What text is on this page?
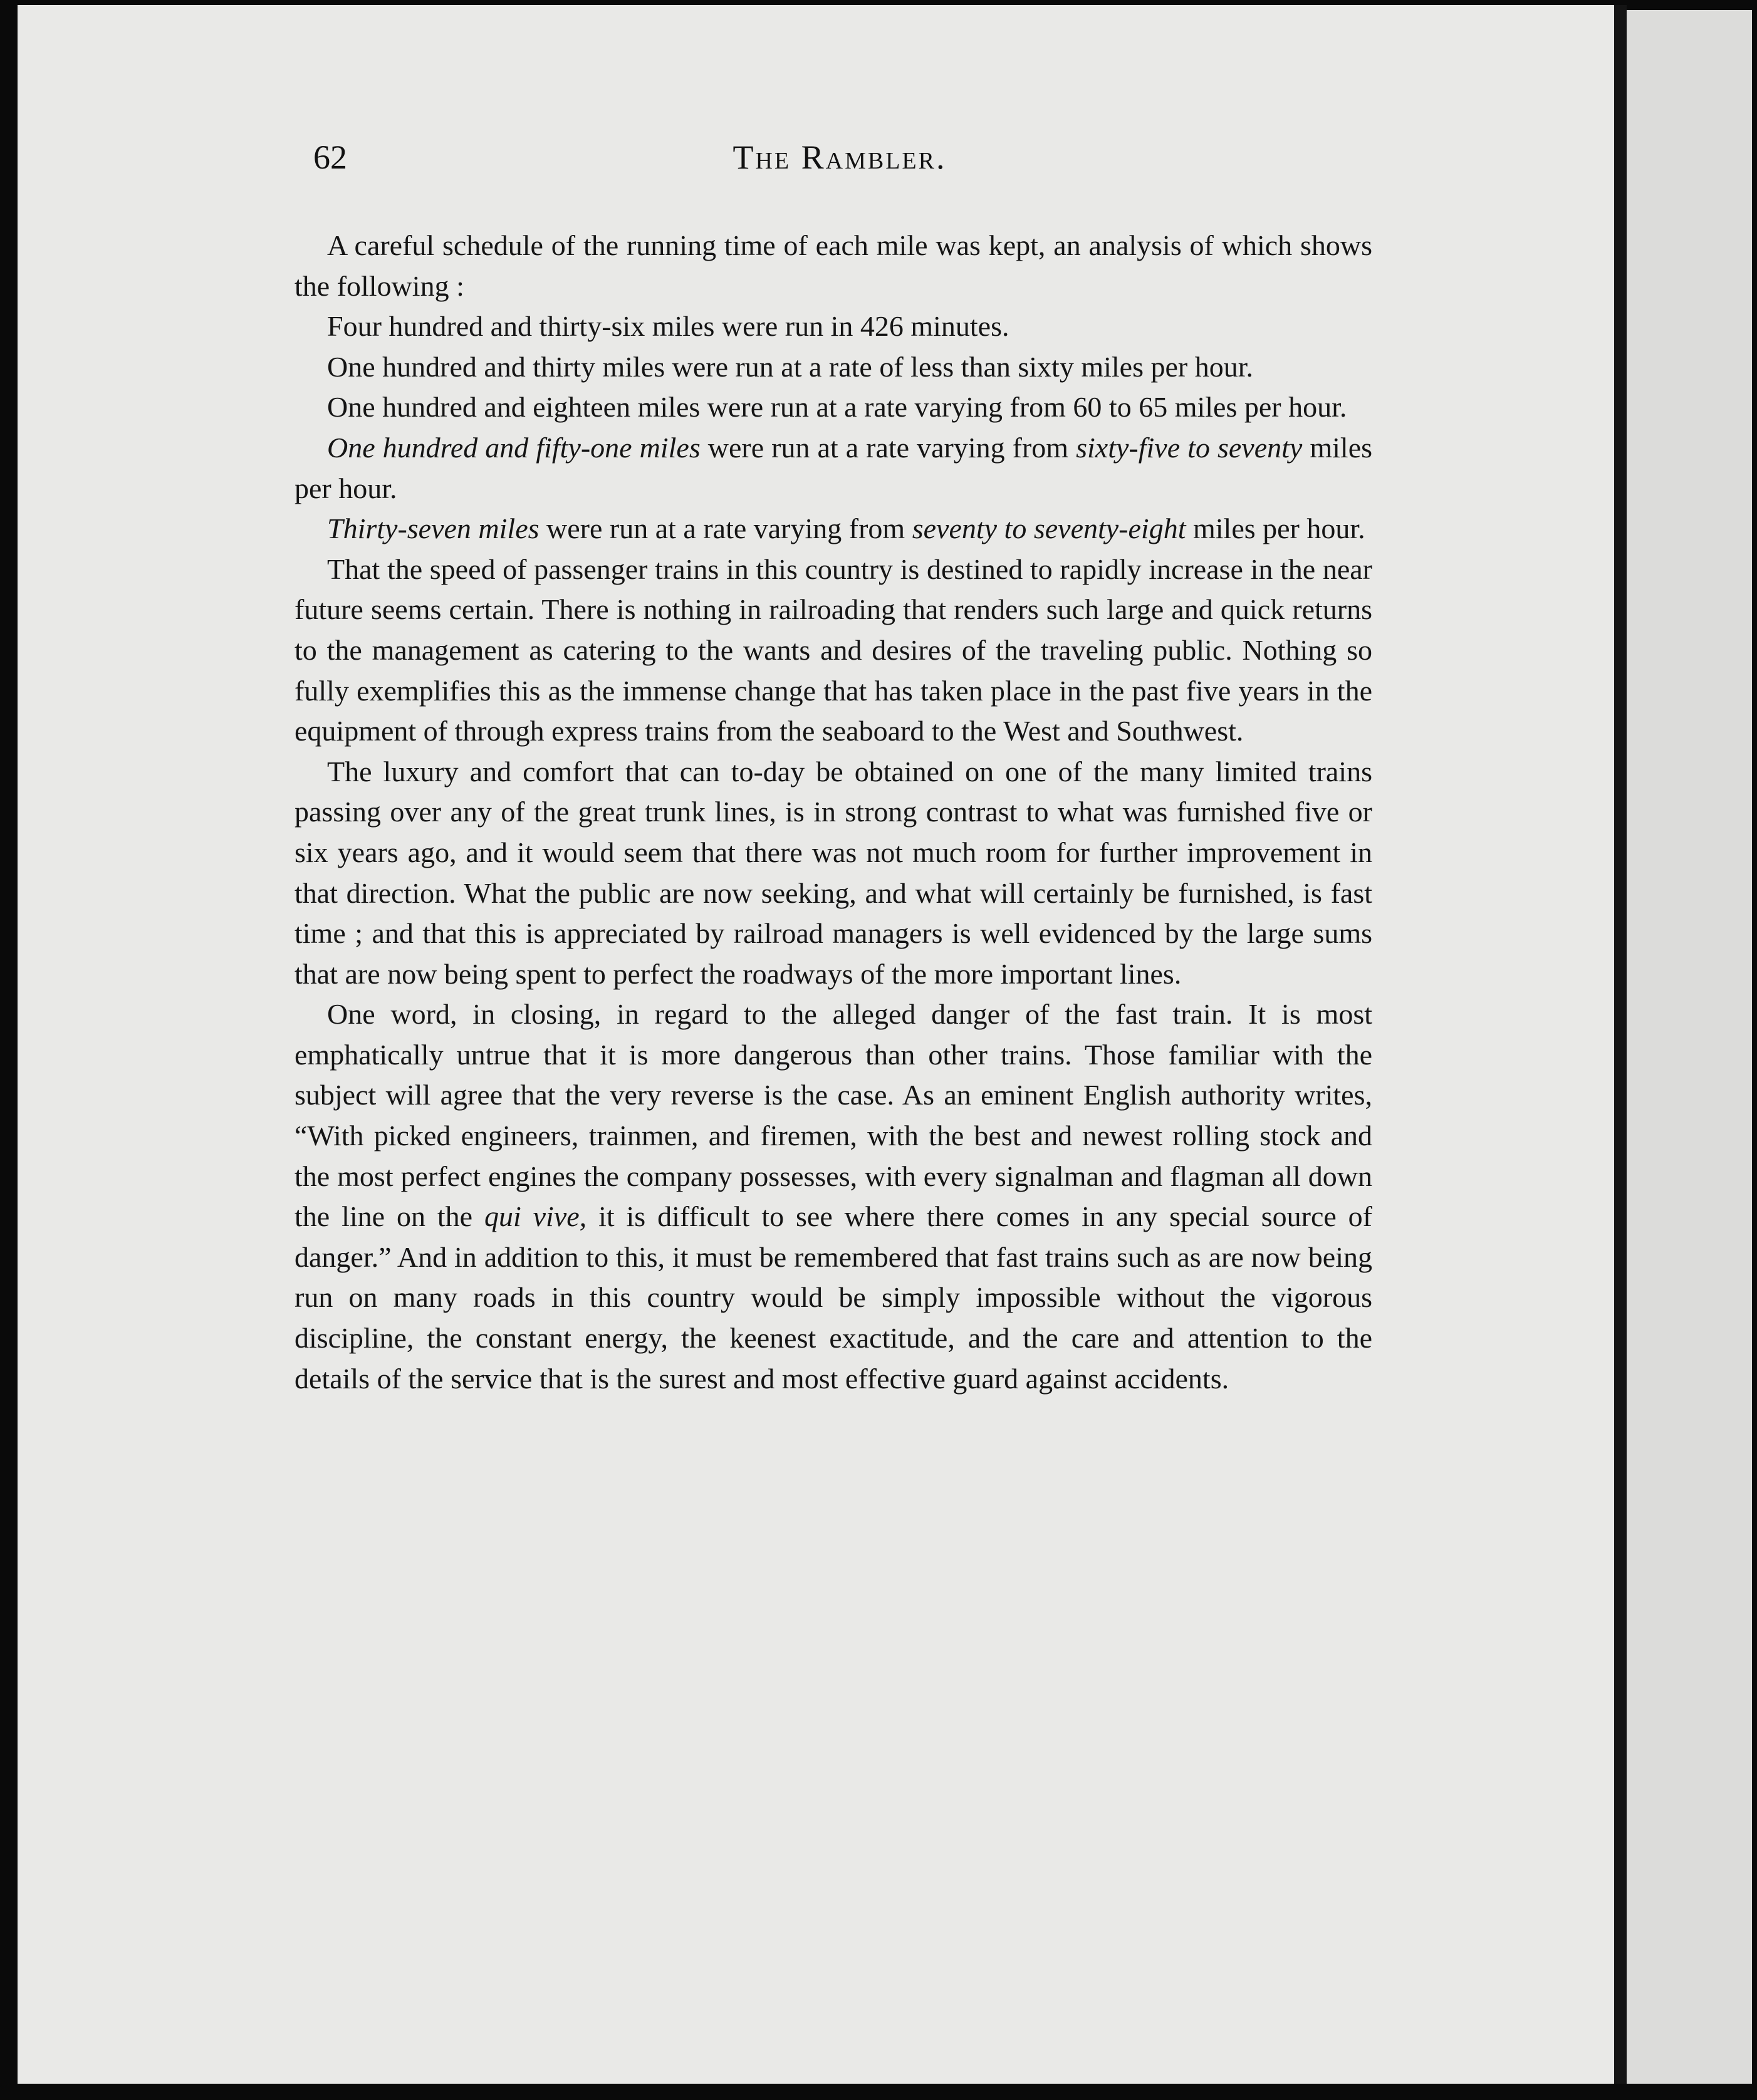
62	The Rambler.

A careful schedule of the running time of each mile was kept, an analysis of which shows the following :

Four hundred and thirty-six miles were run in 426 minutes.

One hundred and thirty miles were run at a rate of less than sixty miles per hour.

One hundred and eighteen miles were run at a rate varying from 60 to 65 miles per hour.

One hundred and fifty-one miles were run at a rate varying from sixty-five to seventy miles per hour.

Thirty-seven miles were run at a rate varying from seventy to seventy-eight miles per hour.

That the speed of passenger trains in this country is destined to rapidly increase in the near future seems certain. There is nothing in railroading that renders such large and quick returns to the management as catering to the wants and desires of the traveling public. Nothing so fully exemplifies this as the immense change that has taken place in the past five years in the equipment of through express trains from the seaboard to the West and Southwest.

The luxury and comfort that can to-day be obtained on one of the many limited trains passing over any of the great trunk lines, is in strong contrast to what was furnished five or six years ago, and it would seem that there was not much room for further improvement in that direction. What the public are now seeking, and what will certainly be furnished, is fast time ; and that this is appreciated by railroad managers is well evidenced by the large sums that are now being spent to perfect the roadways of the more important lines.

One word, in closing, in regard to the alleged danger of the fast train. It is most emphatically untrue that it is more dangerous than other trains. Those familiar with the subject will agree that the very reverse is the case. As an eminent English authority writes, “With picked engineers, trainmen, and firemen, with the best and newest rolling stock and the most perfect engines the company possesses, with every signalman and flagman all down the line on the qui vive, it is difficult to see where there comes in any special source of danger.” And in addition to this, it must be remembered that fast trains such as are now being run on many roads in this country would be simply impossible without the vigorous discipline, the constant energy, the keenest exactitude, and the care and attention to the details of the service that is the surest and most effective guard against accidents.
